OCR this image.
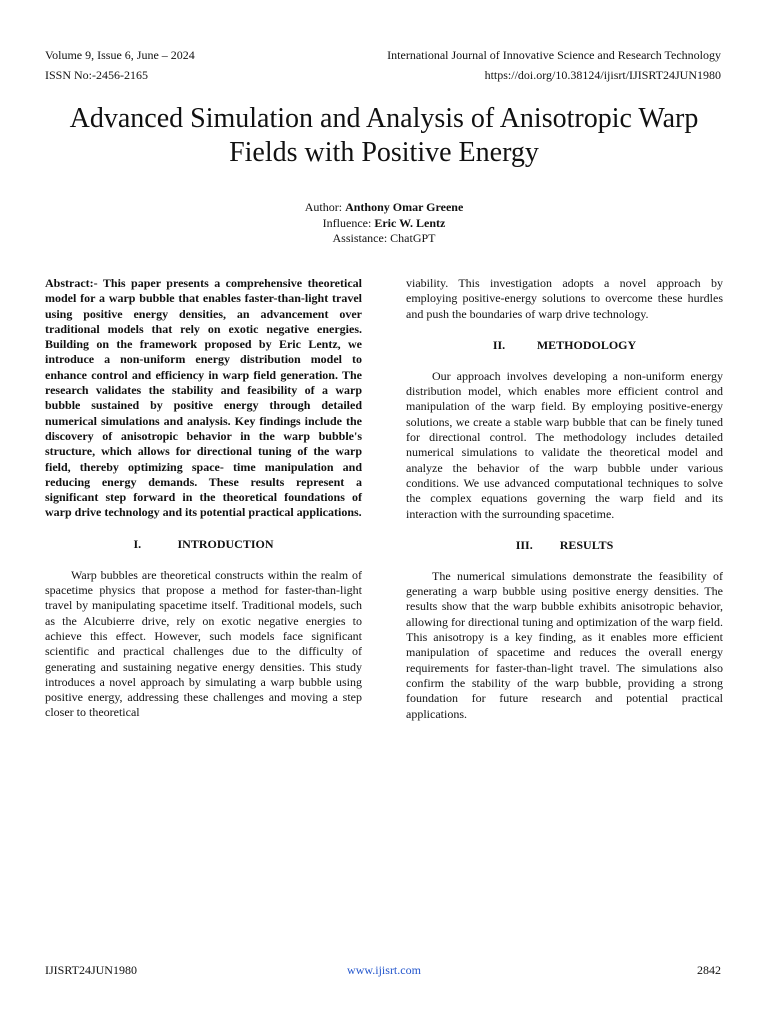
Volume 9, Issue 6, June – 2024	International Journal of Innovative Science and Research Technology
ISSN No:-2456-2165	https://doi.org/10.38124/ijisrt/IJISRT24JUN1980
Advanced Simulation and Analysis of Anisotropic Warp Fields with Positive Energy
Author: Anthony Omar Greene
Influence: Eric W. Lentz
Assistance: ChatGPT

Abstract:- This paper presents a comprehensive theoretical model for a warp bubble that enables faster-than-light travel using positive energy densities, an advancement over traditional models that rely on exotic negative energies. Building on the framework proposed by Eric Lentz, we introduce a non-uniform energy distribution model to enhance control and efficiency in warp field generation. The research validates the stability and feasibility of a warp bubble sustained by positive energy through detailed numerical simulations and analysis. Key findings include the discovery of anisotropic behavior in the warp bubble's structure, which allows for directional tuning of the warp field, thereby optimizing space- time manipulation and reducing energy demands. These results represent a significant step forward in the theoretical foundations of warp drive technology and its potential practical applications.

I.	INTRODUCTION

Warp bubbles are theoretical constructs within the realm of spacetime physics that propose a method for faster-than-light travel by manipulating spacetime itself. Traditional models, such as the Alcubierre drive, rely on exotic negative energies to achieve this effect. However, such models face significant scientific and practical challenges due to the difficulty of generating and sustaining negative energy densities. This study introduces a novel approach by simulating a warp bubble using positive energy, addressing these challenges and moving a step closer to theoretical

viability. This investigation adopts a novel approach by employing positive-energy solutions to overcome these hurdles and push the boundaries of warp drive technology.

II.	METHODOLOGY

Our approach involves developing a non-uniform energy distribution model, which enables more efficient control and manipulation of the warp field. By employing positive-energy solutions, we create a stable warp bubble that can be finely tuned for directional control. The methodology includes detailed numerical simulations to validate the theoretical model and analyze the behavior of the warp bubble under various conditions. We use advanced computational techniques to solve the complex equations governing the warp field and its interaction with the surrounding spacetime.

III.	RESULTS

The numerical simulations demonstrate the feasibility of generating a warp bubble using positive energy densities. The results show that the warp bubble exhibits anisotropic behavior, allowing for directional tuning and optimization of the warp field. This anisotropy is a key finding, as it enables more efficient manipulation of spacetime and reduces the overall energy requirements for faster-than-light travel. The simulations also confirm the stability of the warp bubble, providing a strong foundation for future research and potential practical applications.

IJISRT24JUN1980	www.ijisrt.com	2842
